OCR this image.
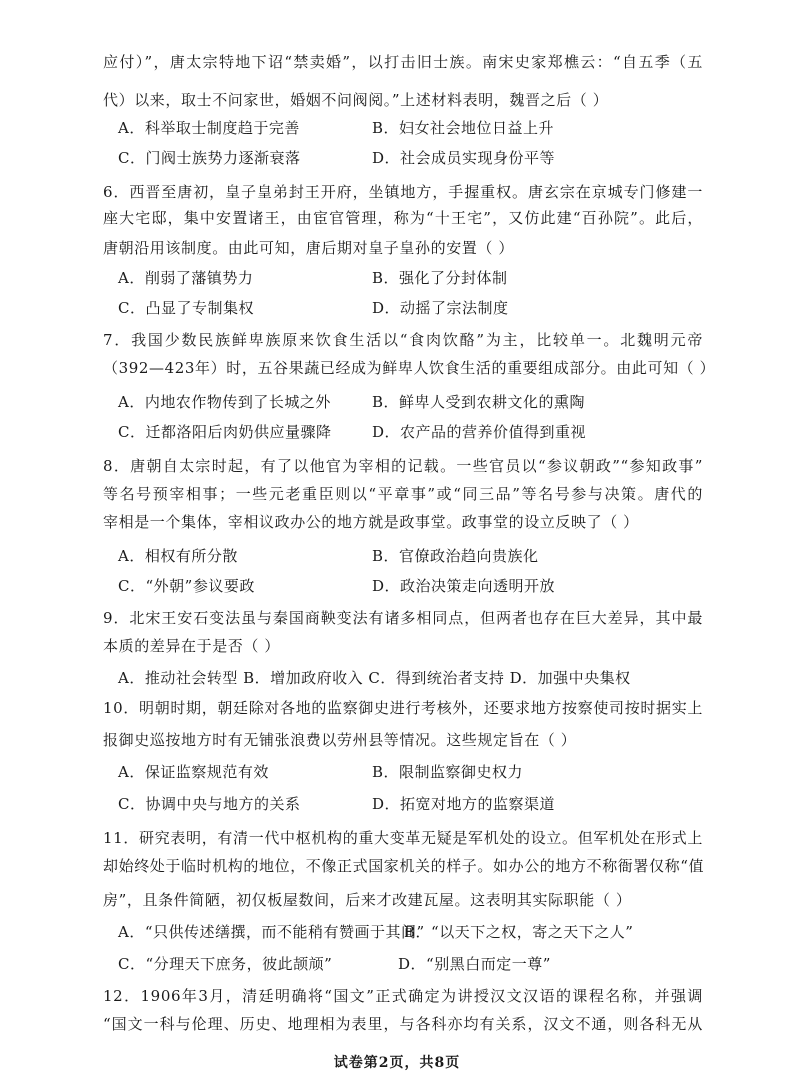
应付）”，唐太宗特地下诏“禁卖婚”，以打击旧士族。南宋史家郑樵云：“自五季（五
代）以来，取士不问家世，婚姻不问阀阅。”上述材料表明，魏晋之后（ ）
A．科举取士制度趋于完善	B．妇女社会地位日益上升
C．门阀士族势力逐渐衰落	D．社会成员实现身份平等
6．西晋至唐初，皇子皇弟封王开府，坐镇地方，手握重权。唐玄宗在京城专门修建一
座大宅邸，集中安置诸王，由宦官管理，称为“十王宅”，又仿此建“百孙院”。此后，
唐朝沿用该制度。由此可知，唐后期对皇子皇孙的安置（ ）
A．削弱了藩镇势力	B．强化了分封体制
C．凸显了专制集权	D．动摇了宗法制度
7．我国少数民族鲜卑族原来饮食生活以“食肉饮酪”为主，比较单一。北魏明元帝
（392—423年）时，五谷果蔬已经成为鲜卑人饮食生活的重要组成部分。由此可知（ ）
A．内地农作物传到了长城之外	B．鲜卑人受到农耕文化的熏陶
C．迁都洛阳后肉奶供应量骤降	D．农产品的营养价值得到重视
8．唐朝自太宗时起，有了以他官为宰相的记载。一些官员以“参议朝政”“参知政事”
等名号预宰相事；一些元老重臣则以“平章事”或“同三品”等名号参与决策。唐代的
宰相是一个集体，宰相议政办公的地方就是政事堂。政事堂的设立反映了（ ）
A．相权有所分散	B．官僚政治趋向贵族化
C．“外朝”参议要政	D．政治决策走向透明开放
9．北宋王安石变法虽与秦国商鞅变法有诸多相同点，但两者也存在巨大差异，其中最
本质的差异在于是否（ ）
A．推动社会转型 B．增加政府收入 C．得到统治者支持 D．加强中央集权
10．明朝时期，朝廷除对各地的监察御史进行考核外，还要求地方按察使司按时据实上
报御史巡按地方时有无铺张浪费以劳州县等情况。这些规定旨在（ ）
A．保证监察规范有效	B．限制监察御史权力
C．协调中央与地方的关系	D．拓宽对地方的监察渠道
11．研究表明，有清一代中枢机构的重大变革无疑是军机处的设立。但军机处在形式上
却始终处于临时机构的地位，不像正式国家机关的样子。如办公的地方不称衙署仅称“值
房”，且条件简陋，初仅板屋数间，后来才改建瓦屋。这表明其实际职能（ ）
A．“只供传述缮撰，而不能稍有赞画于其间”
B．“以天下之权，寄之天下之人”
C．“分理天下庶务，彼此颉颃”	D．“别黑白而定一尊”
12．1906年3月，清廷明确将“国文”正式确定为讲授汉文汉语的课程名称，并强调
“国文一科与伦理、历史、地理相为表里，与各科亦均有关系，汉文不通，则各科无从
试卷第2页，共8页
